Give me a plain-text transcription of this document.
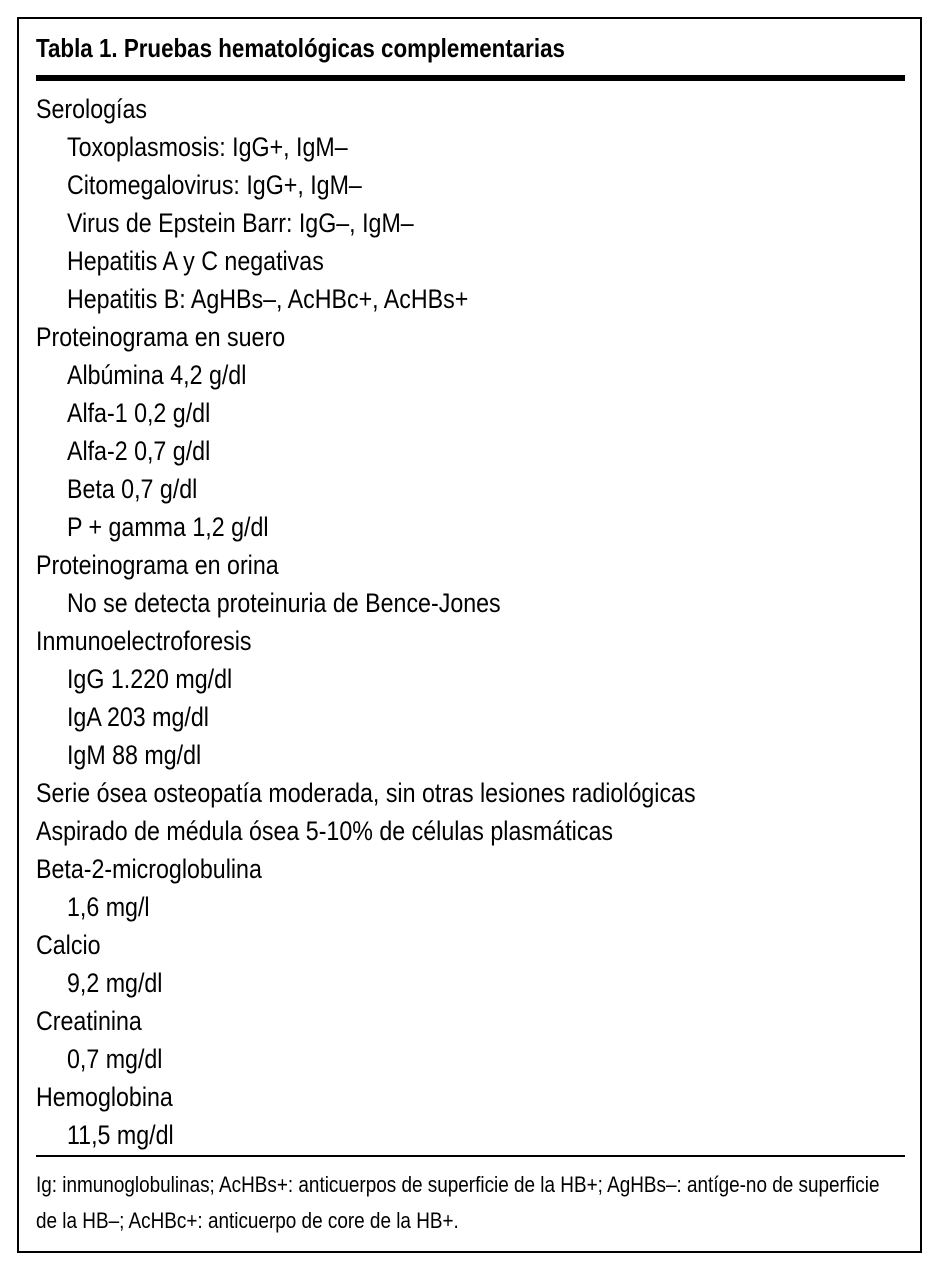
Tabla 1. Pruebas hematológicas complementarias
Serologías
Toxoplasmosis: IgG+, IgM–
Citomegalovirus: IgG+, IgM–
Virus de Epstein Barr: IgG–, IgM–
Hepatitis A y C negativas
Hepatitis B: AgHBs–, AcHBc+, AcHBs+
Proteinograma en suero
Albúmina 4,2 g/dl
Alfa-1 0,2 g/dl
Alfa-2 0,7 g/dl
Beta 0,7 g/dl
P + gamma 1,2 g/dl
Proteinograma en orina
No se detecta proteinuria de Bence-Jones
Inmunoelectroforesis
IgG 1.220 mg/dl
IgA 203 mg/dl
IgM 88 mg/dl
Serie ósea osteopatía moderada, sin otras lesiones radiológicas
Aspirado de médula ósea 5-10% de células plasmáticas
Beta-2-microglobulina
1,6 mg/l
Calcio
9,2 mg/dl
Creatinina
0,7 mg/dl
Hemoglobina
11,5 mg/dl

Ig: inmunoglobulinas; AcHBs+: anticuerpos de superficie de la HB+; AgHBs–: antíge-no de superficie de la HB–; AcHBc+: anticuerpo de core de la HB+.
